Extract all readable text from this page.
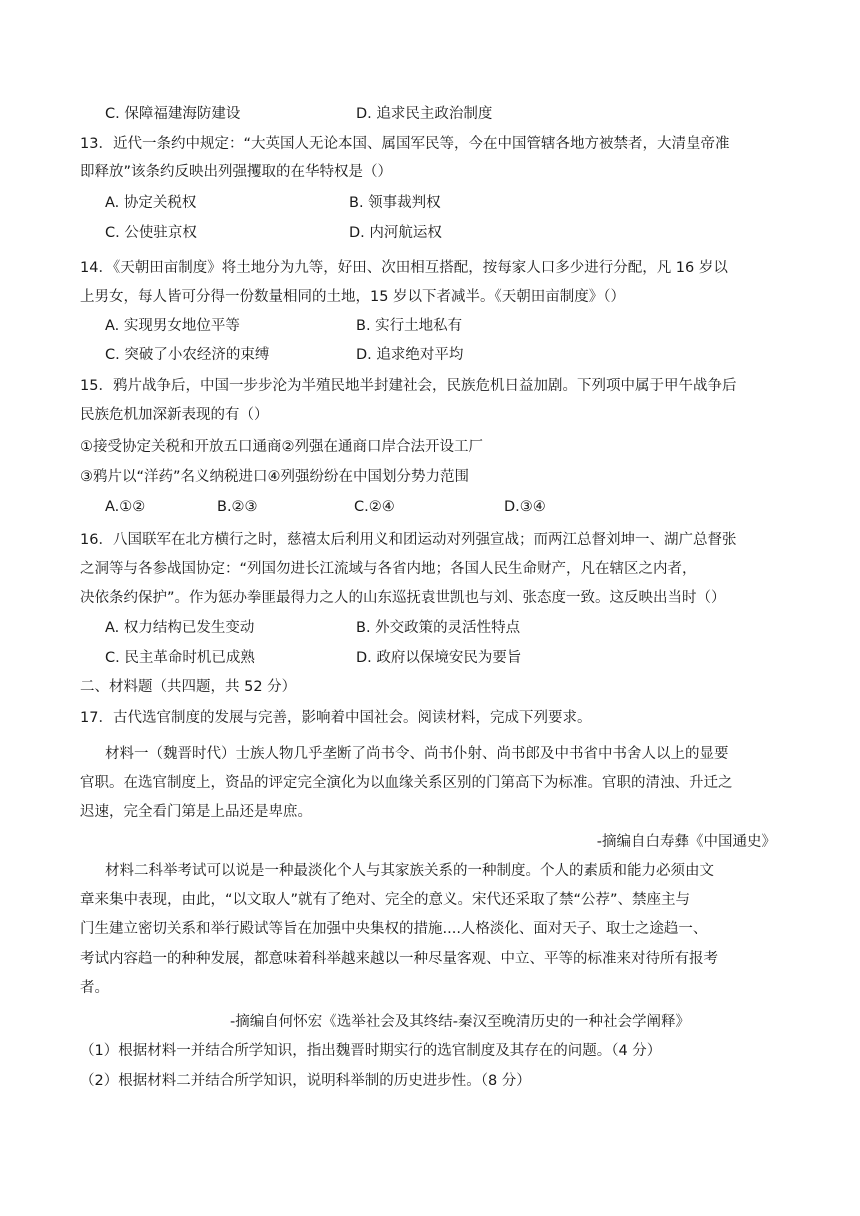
C. 保障福建海防建设	D. 追求民主政治制度
13．近代一条约中规定：“大英国人无论本国、属国军民等，今在中国管辖各地方被禁者，大清皇帝准
即释放”该条约反映出列强攫取的在华特权是（）
A. 协定关税权	B. 领事裁判权
C. 公使驻京权	D. 内河航运权
14．《天朝田亩制度》将土地分为九等，好田、次田相互搭配，按每家人口多少进行分配，凡 16 岁以
上男女，每人皆可分得一份数量相同的土地，15 岁以下者减半。《天朝田亩制度》（）
A. 实现男女地位平等	B. 实行土地私有
C. 突破了小农经济的束缚	D. 追求绝对平均
15．鸦片战争后，中国一步步沦为半殖民地半封建社会，民族危机日益加剧。下列项中属于甲午战争后
民族危机加深新表现的有（）
①接受协定关税和开放五口通商②列强在通商口岸合法开设工厂
③鸦片以“洋药”名义纳税进口④列强纷纷在中国划分势力范围
A.①②	B.②③	C.②④	D.③④
16．八国联军在北方横行之时，慈禧太后利用义和团运动对列强宣战；而两江总督刘坤一、湖广总督张
之洞等与各参战国协定：“列国勿进长江流域与各省内地；各国人民生命财产，凡在辖区之内者，
决依条约保护”。作为惩办拳匪最得力之人的山东巡抚袁世凯也与刘、张态度一致。这反映出当时（）
A. 权力结构已发生变动	B. 外交政策的灵活性特点
C. 民主革命时机已成熟	D. 政府以保境安民为要旨
二、材料题（共四题，共 52 分）
17．古代选官制度的发展与完善，影响着中国社会。阅读材料，完成下列要求。
材料一（魏晋时代）士族人物几乎垄断了尚书令、尚书仆射、尚书郎及中书省中书舍人以上的显要
官职。在选官制度上，资品的评定完全演化为以血缘关系区别的门第高下为标准。官职的清浊、升迁之
迟速，完全看门第是上品还是卑庶。
-摘编自白寿彝《中国通史》
材料二科举考试可以说是一种最淡化个人与其家族关系的一种制度。个人的素质和能力必须由文
章来集中表现，由此，“以文取人”就有了绝对、完全的意义。宋代还采取了禁“公荐”、禁座主与
门生建立密切关系和举行殿试等旨在加强中央集权的措施....人格淡化、面对天子、取士之途趋一、
考试内容趋一的种种发展，都意味着科举越来越以一种尽量客观、中立、平等的标准来对待所有报考
者。
-摘编自何怀宏《选举社会及其终结-秦汉至晚清历史的一种社会学阐释》
（1）根据材料一并结合所学知识，指出魏晋时期实行的选官制度及其存在的问题。（4 分）
（2）根据材料二并结合所学知识，说明科举制的历史进步性。（8 分）
